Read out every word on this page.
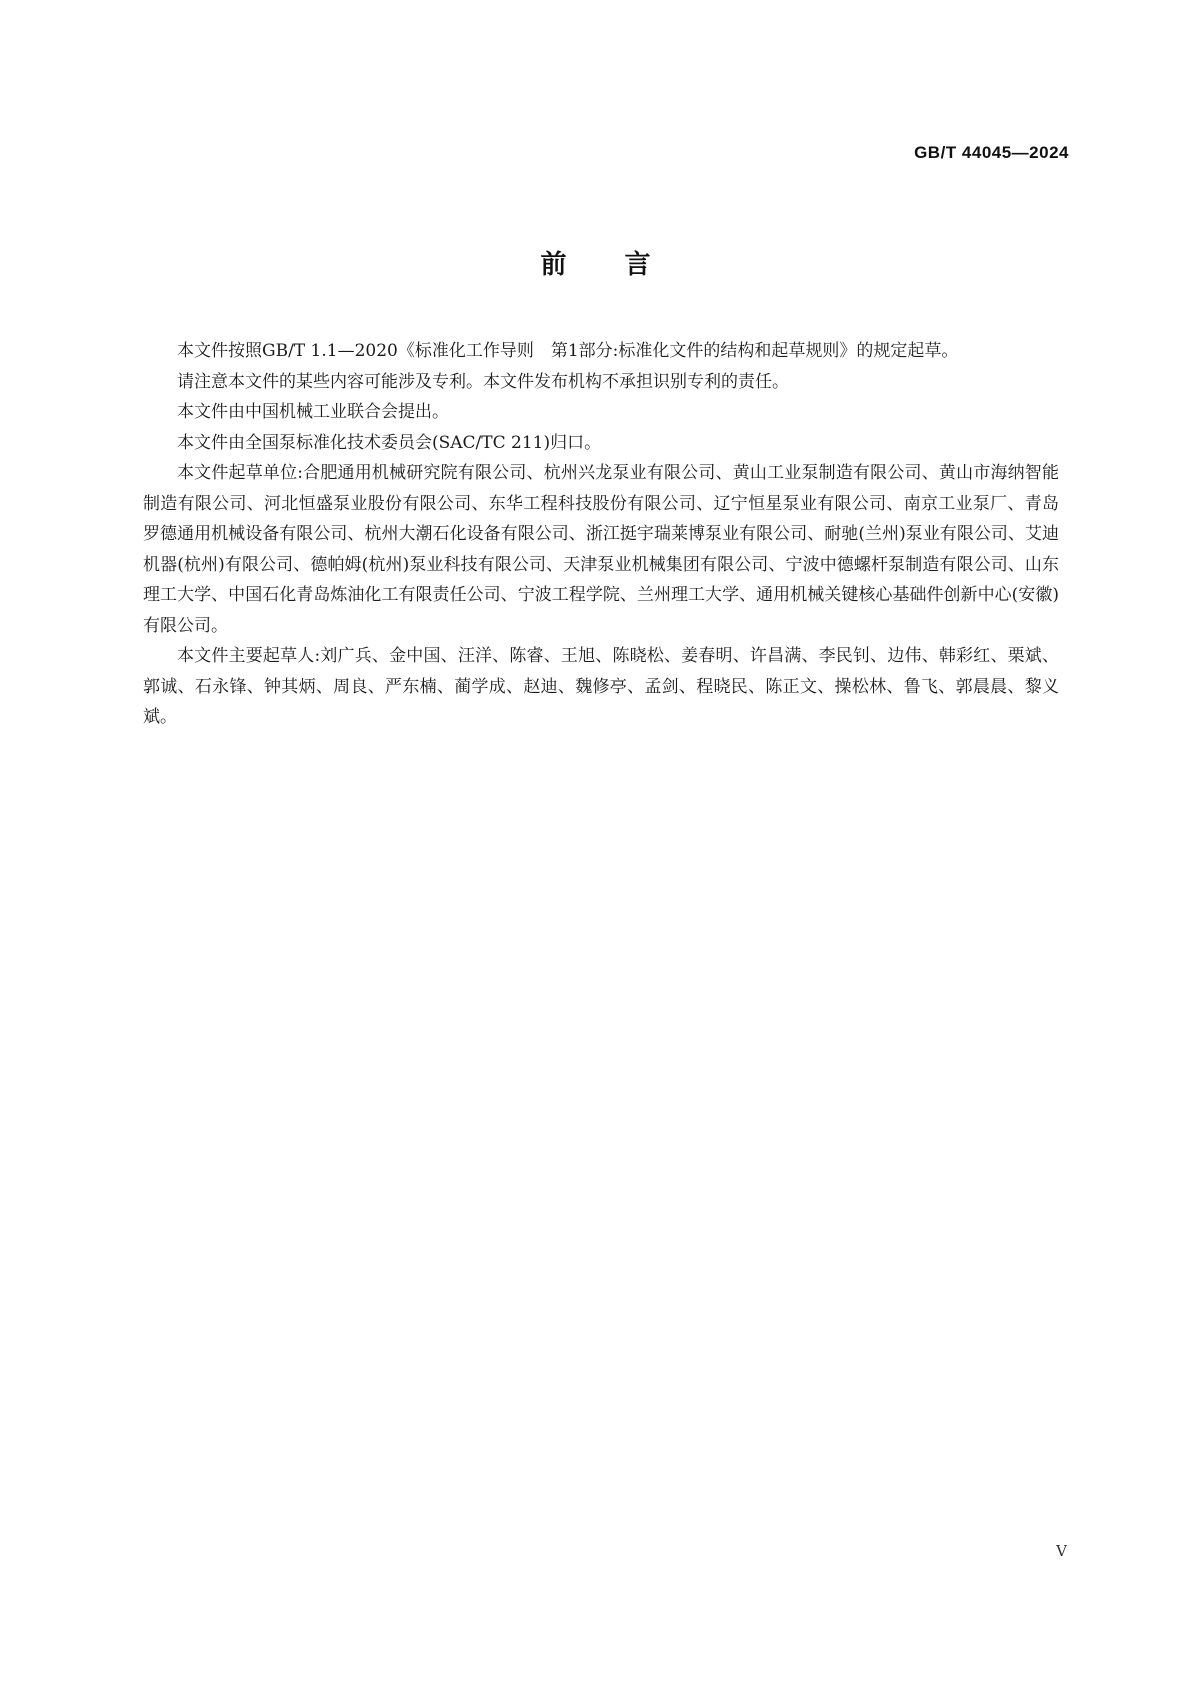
GB/T 44045—2024
前言

本文件按照GB/T 1.1—2020《标准化工作导则　第1部分:标准化文件的结构和起草规则》的规定起草。

请注意本文件的某些内容可能涉及专利。本文件发布机构不承担识别专利的责任。

本文件由中国机械工业联合会提出。

本文件由全国泵标准化技术委员会(SAC/TC 211)归口。

本文件起草单位:合肥通用机械研究院有限公司、杭州兴龙泵业有限公司、黄山工业泵制造有限公司、黄山市海纳智能制造有限公司、河北恒盛泵业股份有限公司、东华工程科技股份有限公司、辽宁恒星泵业有限公司、南京工业泵厂、青岛罗德通用机械设备有限公司、杭州大潮石化设备有限公司、浙江挺宇瑞莱博泵业有限公司、耐驰(兰州)泵业有限公司、艾迪机器(杭州)有限公司、德帕姆(杭州)泵业科技有限公司、天津泵业机械集团有限公司、宁波中德螺杆泵制造有限公司、山东理工大学、中国石化青岛炼油化工有限责任公司、宁波工程学院、兰州理工大学、通用机械关键核心基础件创新中心(安徽)有限公司。

本文件主要起草人:刘广兵、金中国、汪洋、陈睿、王旭、陈晓松、姜春明、许昌满、李民钊、边伟、韩彩红、栗斌、郭诚、石永锋、钟其炳、周良、严东楠、蔺学成、赵迪、魏修亭、孟剑、程晓民、陈正文、操松林、鲁飞、郭晨晨、黎义斌。

V
